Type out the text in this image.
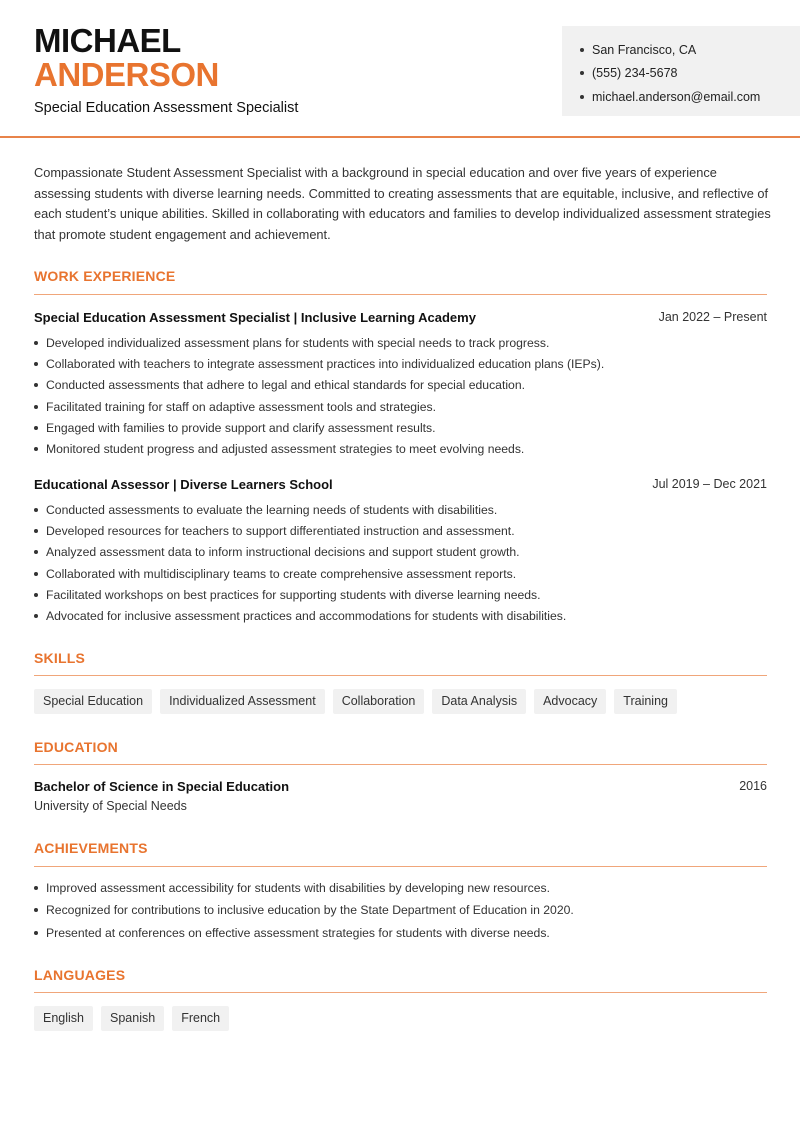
MICHAEL
ANDERSON
Special Education Assessment Specialist
San Francisco, CA
(555) 234-5678
michael.anderson@email.com

Compassionate Student Assessment Specialist with a background in special education and over five years of experience assessing students with diverse learning needs. Committed to creating assessments that are equitable, inclusive, and reflective of each student’s unique abilities. Skilled in collaborating with educators and families to develop individualized assessment strategies that promote student engagement and achievement.

WORK EXPERIENCE
Special Education Assessment Specialist | Inclusive Learning Academy	Jan 2022 – Present
Developed individualized assessment plans for students with special needs to track progress.
Collaborated with teachers to integrate assessment practices into individualized education plans (IEPs).
Conducted assessments that adhere to legal and ethical standards for special education.
Facilitated training for staff on adaptive assessment tools and strategies.
Engaged with families to provide support and clarify assessment results.
Monitored student progress and adjusted assessment strategies to meet evolving needs.
Educational Assessor | Diverse Learners School	Jul 2019 – Dec 2021
Conducted assessments to evaluate the learning needs of students with disabilities.
Developed resources for teachers to support differentiated instruction and assessment.
Analyzed assessment data to inform instructional decisions and support student growth.
Collaborated with multidisciplinary teams to create comprehensive assessment reports.
Facilitated workshops on best practices for supporting students with diverse learning needs.
Advocated for inclusive assessment practices and accommodations for students with disabilities.
SKILLS
Special Education	Individualized Assessment	Collaboration	Data Analysis	Advocacy	Training
EDUCATION
Bachelor of Science in Special Education	2016
University of Special Needs
ACHIEVEMENTS
Improved assessment accessibility for students with disabilities by developing new resources.
Recognized for contributions to inclusive education by the State Department of Education in 2020.
Presented at conferences on effective assessment strategies for students with diverse needs.
LANGUAGES
English	Spanish	French
